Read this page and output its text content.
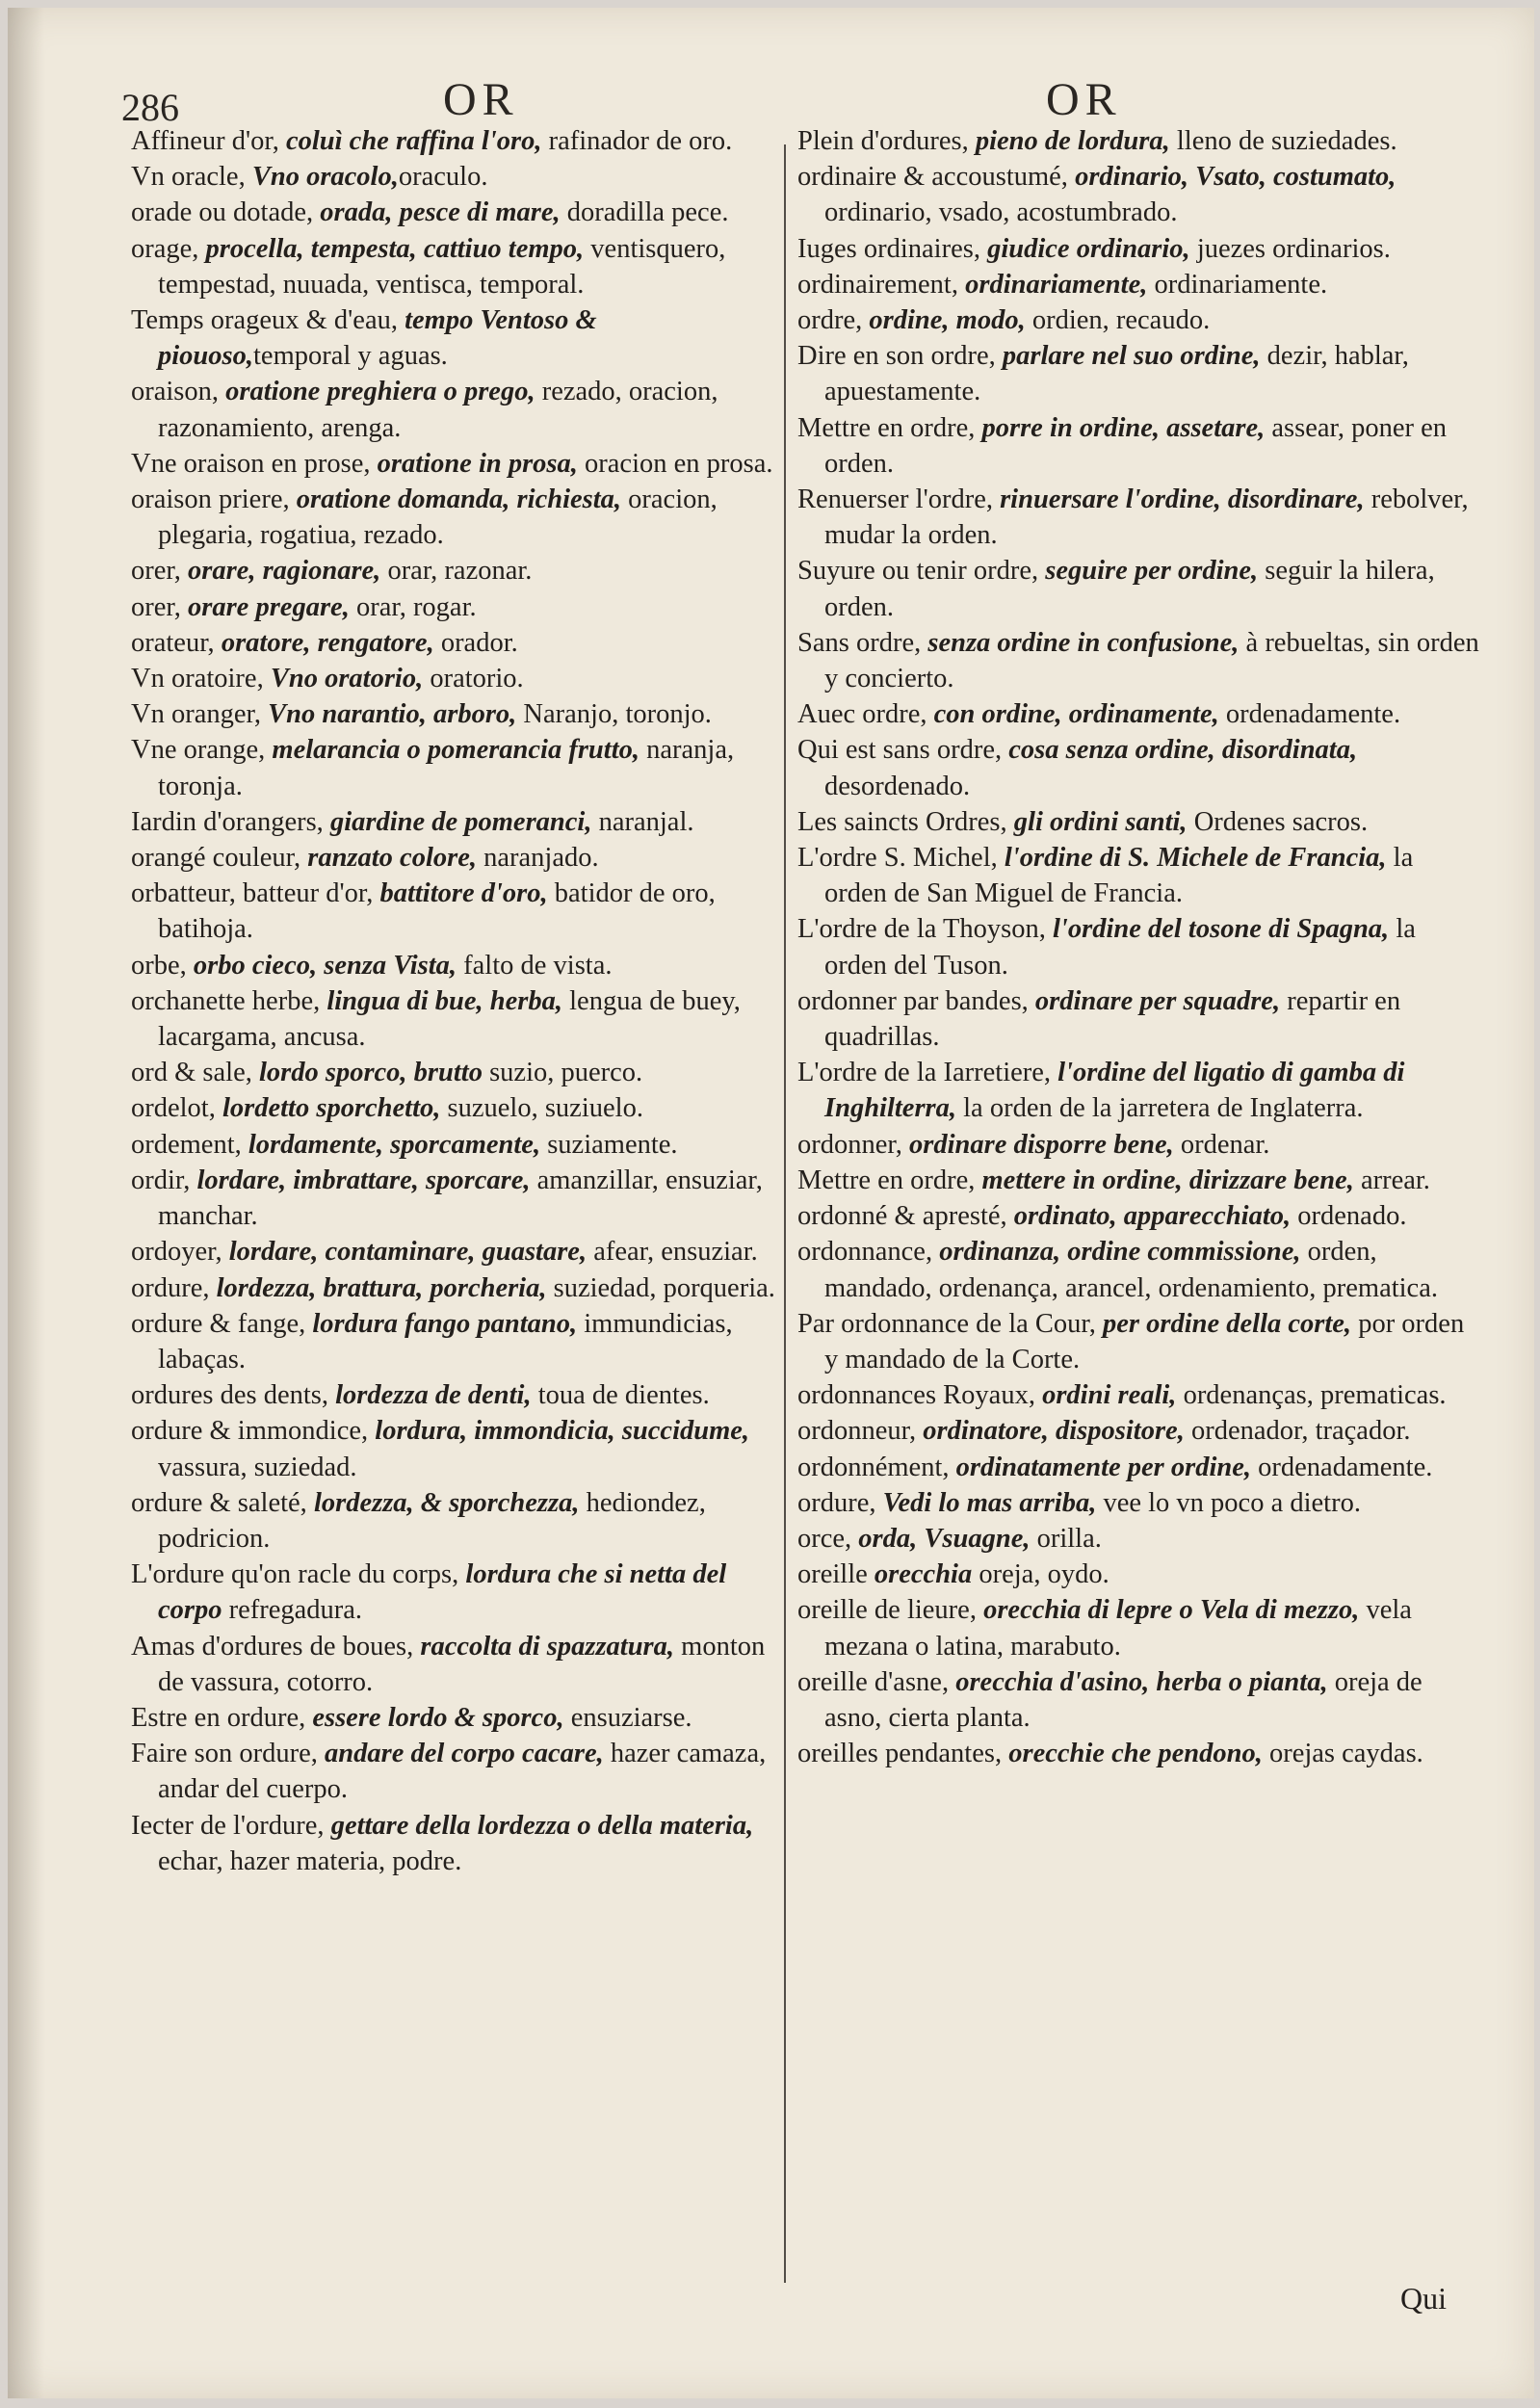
286	OR	OR
Affineur d'or, coluì che raffina l'oro, rafinador de oro.
Vn oracle, Vno oracolo,oraculo.
orade ou dotade, orada, pesce di mare, doradilla pece.
orage, procella, tempesta, cattiuo tempo, ventisquero, tempestad, nuuada, ventisca, temporal.
Temps orageux & d'eau, tempo Ventoso & piouoso,temporal y aguas.
oraison, oratione preghiera o prego, rezado, oracion, razonamiento, arenga.
Vne oraison en prose, oratione in prosa, oracion en prosa.
oraison priere, oratione domanda, richiesta, oracion, plegaria, rogatiua, rezado.
orer, orare, ragionare, orar, razonar.
orer, orare pregare, orar, rogar.
orateur, oratore, rengatore, orador.
Vn oratoire, Vno oratorio, oratorio.
Vn oranger, Vno narantio, arboro, Naranjo, toronjo.
Vne orange, melarancia o pomerancia frutto, naranja, toronja.
Iardin d'orangers, giardine de pomeranci, naranjal.
orangé couleur, ranzato colore, naranjado.
orbatteur, batteur d'or, battitore d'oro, batidor de oro, batihoja.
orbe, orbo cieco, senza Vista, falto de vista.
orchanette herbe, lingua di bue, herba, lengua de buey, lacargama, ancusa.
ord & sale, lordo sporco, brutto suzio, puerco.
ordelot, lordetto sporchetto, suzuelo, suziuelo.
ordement, lordamente, sporcamente, suziamente.
ordir, lordare, imbrattare, sporcare, amanzillar, ensuziar, manchar.
ordoyer, lordare, contaminare, guastare, afear, ensuziar.
ordure, lordezza, brattura, porcheria, suziedad, porqueria.
ordure & fange, lordura fango pantano, immundicias, labaças.
ordures des dents, lordezza de denti, toua de dientes.
ordure & immondice, lordura, immondicia, succidume, vassura, suziedad.
ordure & saleté, lordezza, & sporchezza, hediondez, podricion.
L'ordure qu'on racle du corps, lordura che si netta del corpo refregadura.
Amas d'ordures de boues, raccolta di spazzatura, monton de vassura, cotorro.
Estre en ordure, essere lordo & sporco, ensuziarse.
Faire son ordure, andare del corpo cacare, hazer camaza, andar del cuerpo.
Iecter de l'ordure, gettare della lordezza o della materia, echar, hazer materia, podre.
Plein d'ordures, pieno de lordura, lleno de suziedades.
ordinaire & accoustumé, ordinario, Vsato, costumato, ordinario, vsado, acostumbrado.
Iuges ordinaires, giudice ordinario, juezes ordinarios.
ordinairement, ordinariamente, ordinariamente.
ordre, ordine, modo, ordien, recaudo.
Dire en son ordre, parlare nel suo ordine, dezir, hablar, apuestamente.
Mettre en ordre, porre in ordine, assetare, assear, poner en orden.
Renuerser l'ordre, rinuersare l'ordine, disordinare, rebolver, mudar la orden.
Suyure ou tenir ordre, seguire per ordine, seguir la hilera, orden.
Sans ordre, senza ordine in confusione, à rebueltas, sin orden y concierto.
Auec ordre, con ordine, ordinamente, ordenadamente.
Qui est sans ordre, cosa senza ordine, disordinata, desordenado.
Les saincts Ordres, gli ordini santi, Ordenes sacros.
L'ordre S. Michel, l'ordine di S. Michele de Francia, la orden de San Miguel de Francia.
L'ordre de la Thoyson, l'ordine del tosone di Spagna, la orden del Tuson.
ordonner par bandes, ordinare per squadre, repartir en quadrillas.
L'ordre de la Iarretiere, l'ordine del ligatio di gamba di Inghilterra, la orden de la jarretera de Inglaterra.
ordonner, ordinare disporre bene, ordenar.
Mettre en ordre, mettere in ordine, dirizzare bene, arrear.
ordonné & apresté, ordinato, apparecchiato, ordenado.
ordonnance, ordinanza, ordine commissione, orden, mandado, ordenança, arancel, ordenamiento, prematica.
Par ordonnance de la Cour, per ordine della corte, por orden y mandado de la Corte.
ordonnances Royaux, ordini reali, ordenanças, prematicas.
ordonneur, ordinatore, dispositore, ordenador, traçador.
ordonnément, ordinatamente per ordine, ordenadamente.
ordure, Vedi lo mas arriba, vee lo vn poco a dietro.
orce, orda, Vsuagne, orilla.
oreille orecchia oreja, oydo.
oreille de lieure, orecchia di lepre o Vela di mezzo, vela mezana o latina, marabuto.
oreille d'asne, orecchia d'asino, herba o pianta, oreja de asno, cierta planta.
oreilles pendantes, orecchie che pendono, orejas caydas.
Qui
